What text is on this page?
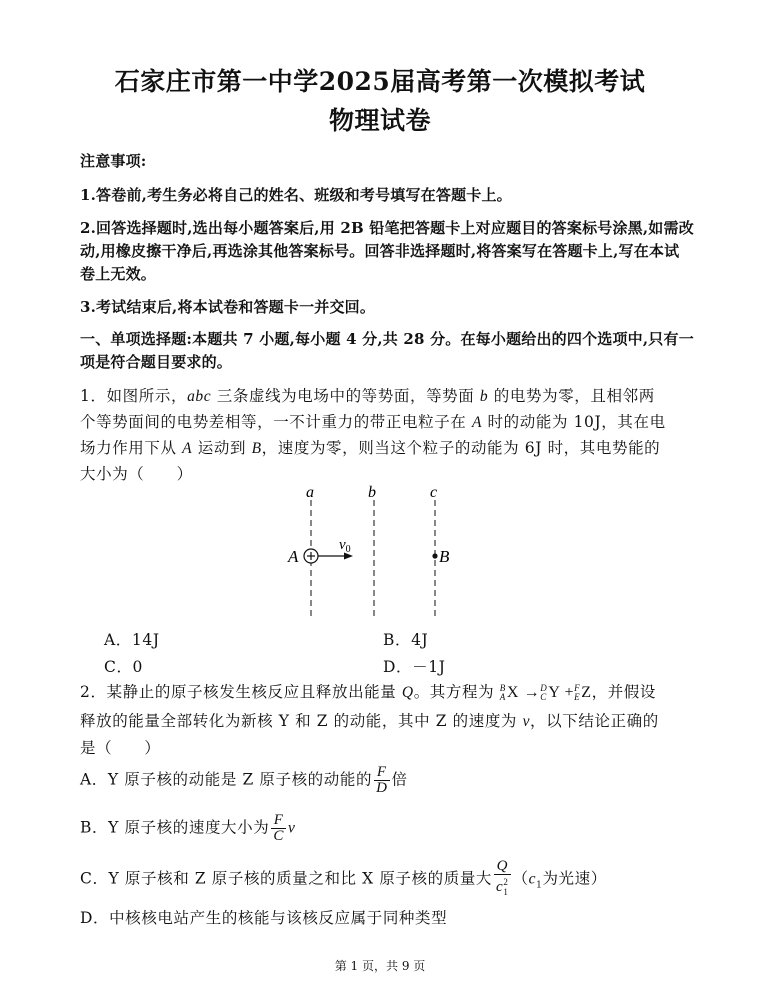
石家庄市第一中学2025届高考第一次模拟考试
物理试卷
注意事项:
1.答卷前,考生务必将自己的姓名、班级和考号填写在答题卡上。
2.回答选择题时,选出每小题答案后,用 2B 铅笔把答题卡上对应题目的答案标号涂黑,如需改
动,用橡皮擦干净后,再选涂其他答案标号。回答非选择题时,将答案写在答题卡上,写在本试
卷上无效。
3.考试结束后,将本试卷和答题卡一并交回。
一、单项选择题:本题共 7 小题,每小题 4 分,共 28 分。在每小题给出的四个选项中,只有一
项是符合题目要求的。
1．如图所示，abc 三条虚线为电场中的等势面，等势面 b 的电势为零，且相邻两
个等势面间的电势差相等，一不计重力的带正电粒子在 A 时的动能为 10J，其在电
场力作用下从 A 运动到 B，速度为零，则当这个粒子的动能为 6J 时，其电势能的
大小为（　　）
a	b	c
A
$v_0$	B
A．14J	B．4J
C．0	D．－1J
2．某静止的原子核发生核反应且释放出能量 Q。其方程为 B
A X → D
C Y + F
E Z，并假设
释放的能量全部转化为新核 Y 和 Z 的动能，其中 Z 的速度为 v，以下结论正确的
是（　　）
A．Y 原子核的动能是 Z 原子核的动能的 $\frac{F}{D}$ 倍
B．Y 原子核的速度大小为 $\frac{F}{C}$ v
C．Y 原子核和 Z 原子核的质量之和比 X 原子核的质量大 $\frac{Q}{c_1^2} (c_1$为光速）
D．中核核电站产生的核能与该核反应属于同种类型
第 1 页，共 9 页
